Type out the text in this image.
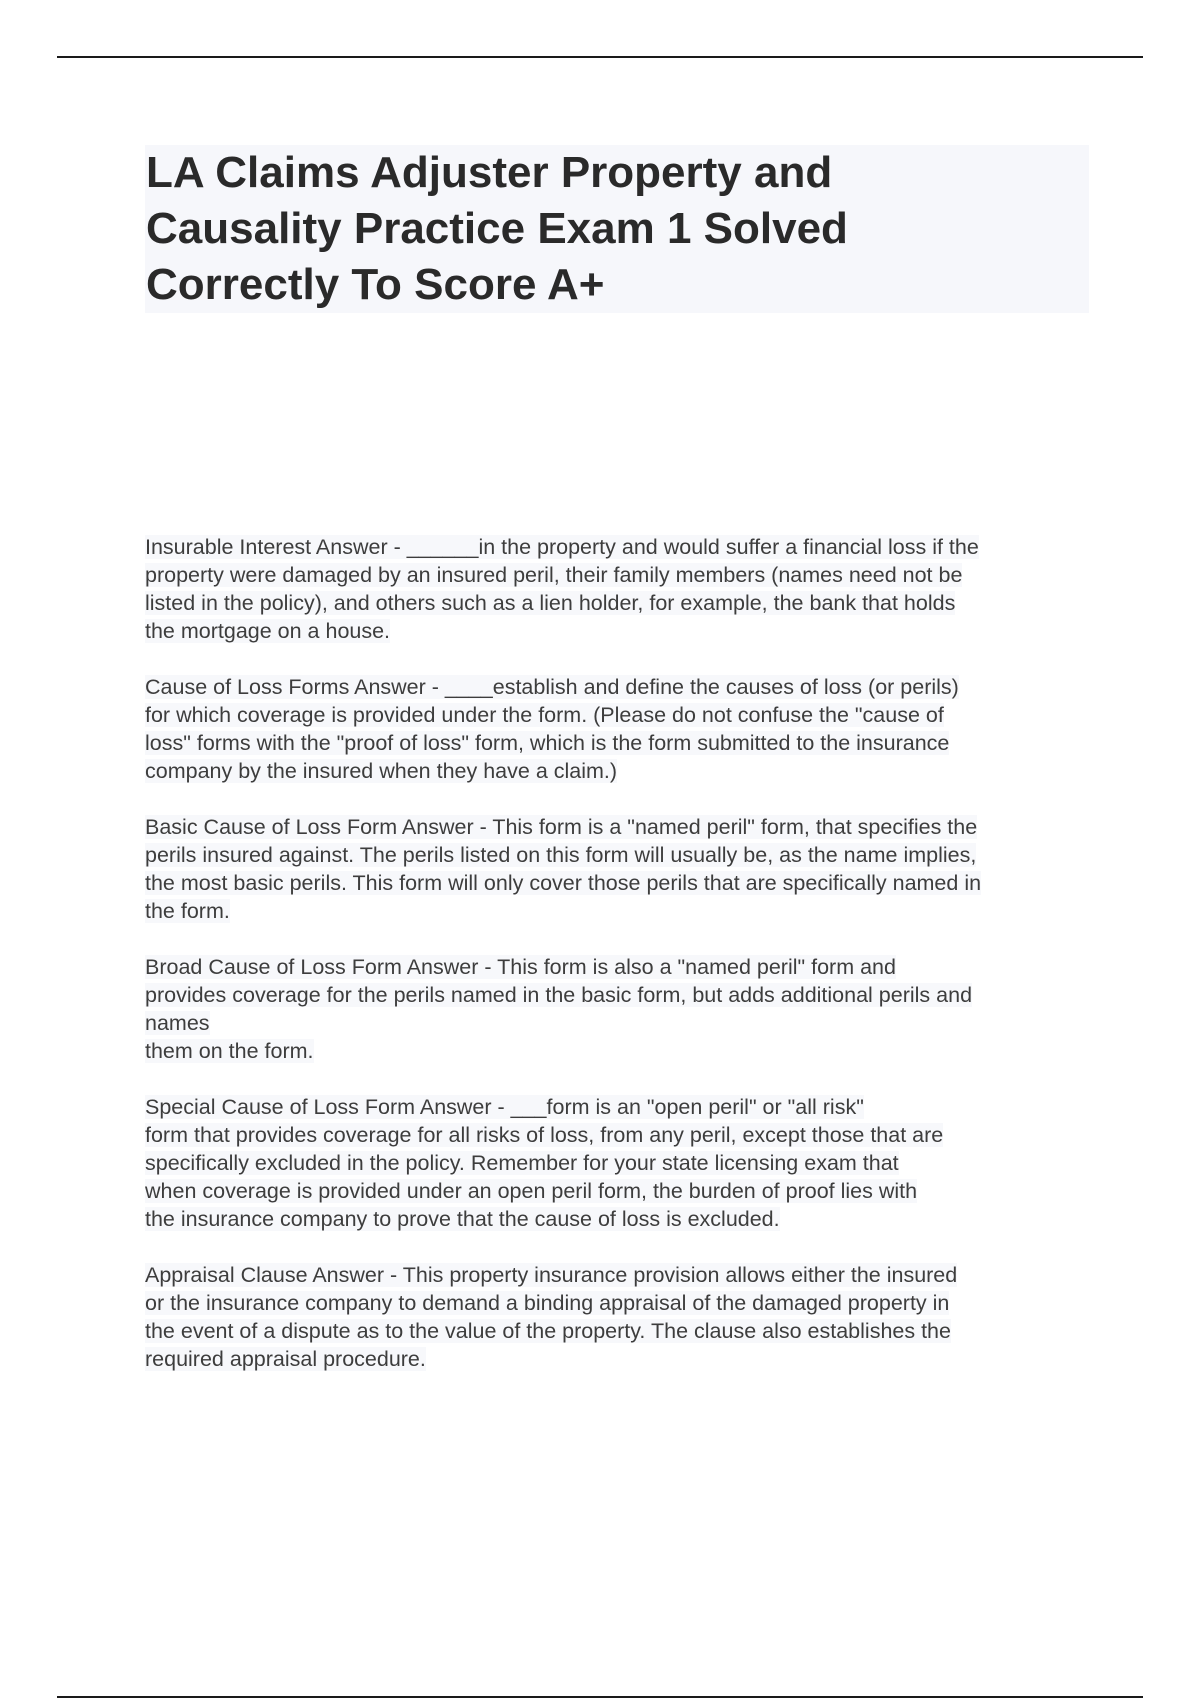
LA Claims Adjuster Property and
Causality Practice Exam 1 Solved
Correctly To Score A+

Insurable Interest Answer - ______in the property and would suffer a financial loss if the
property were damaged by an insured peril, their family members (names need not be
listed in the policy), and others such as a lien holder, for example, the bank that holds
the mortgage on a house.

Cause of Loss Forms Answer - ____establish and define the causes of loss (or perils)
for which coverage is provided under the form. (Please do not confuse the "cause of
loss" forms with the "proof of loss" form, which is the form submitted to the insurance
company by the insured when they have a claim.)

Basic Cause of Loss Form Answer - This form is a "named peril" form, that specifies the
perils insured against. The perils listed on this form will usually be, as the name implies,
the most basic perils. This form will only cover those perils that are specifically named in
the form.

Broad Cause of Loss Form Answer - This form is also a "named peril" form and
provides coverage for the perils named in the basic form, but adds additional perils and
names
them on the form.

Special Cause of Loss Form Answer - ___form is an "open peril" or "all risk"
form that provides coverage for all risks of loss, from any peril, except those that are
specifically excluded in the policy. Remember for your state licensing exam that
when coverage is provided under an open peril form, the burden of proof lies with
the insurance company to prove that the cause of loss is excluded.

Appraisal Clause Answer - This property insurance provision allows either the insured
or the insurance company to demand a binding appraisal of the damaged property in
the event of a dispute as to the value of the property. The clause also establishes the
required appraisal procedure.
